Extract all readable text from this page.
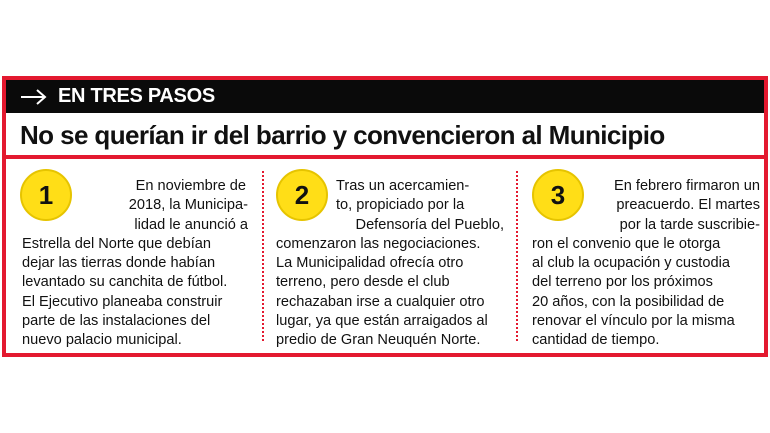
EN TRES PASOS
No se querían ir del barrio y convencieron al Municipio
1	En noviembre de
2018, la Municipa-
lidad le anunció a
Estrella del Norte que debían
dejar las tierras donde habían
levantado su canchita de fútbol.
El Ejecutivo planeaba construir
parte de las instalaciones del
nuevo palacio municipal.
2	Tras un acercamien-
to, propiciado por la
Defensoría del Pueblo,
comenzaron las negociaciones.
La Municipalidad ofrecía otro
terreno, pero desde el club
rechazaban irse a cualquier otro
lugar, ya que están arraigados al
predio de Gran Neuquén Norte.
3	En febrero firmaron un
preacuerdo. El martes
por la tarde suscribie-
ron el convenio que le otorga
al club la ocupación y custodia
del terreno por los próximos
20 años, con la posibilidad de
renovar el vínculo por la misma
cantidad de tiempo.
